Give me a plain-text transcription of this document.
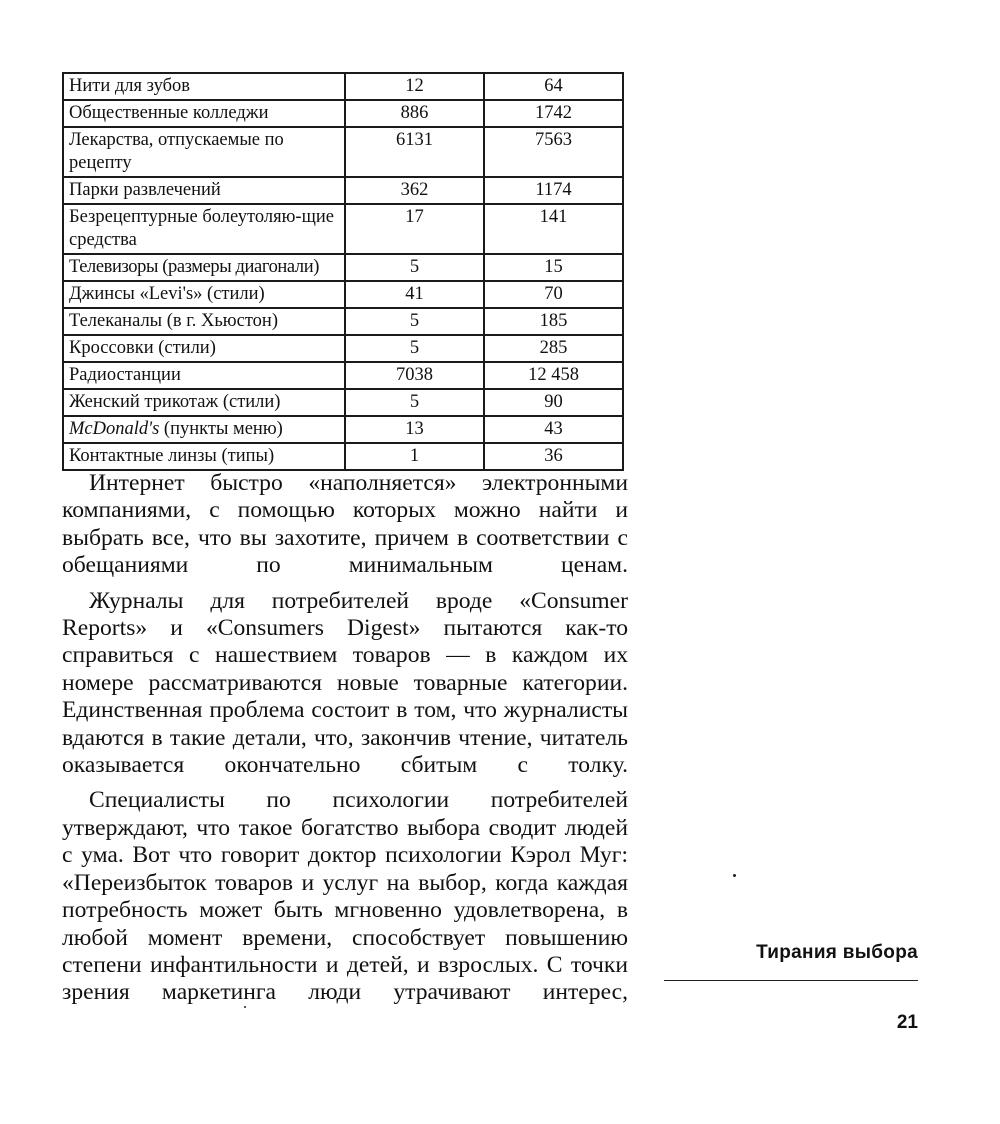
Нити для зубов	12	64
Общественные колледжи	886	1742
Лекарства, отпускаемые по рецепту	6131	7563
Парки развлечений	362	1174
Безрецептурные болеутоляю-щие средства	17	141
Телевизоры (размеры диагонали)	5	15
Джинсы «Levi's» (стили)	41	70
Телеканалы (в г. Хьюстон)	5	185
Кроссовки (стили)	5	285
Радиостанции	7038	12 458
Женский трикотаж (стили)	5	90
McDonald's (пункты меню)	13	43
Контактные линзы (типы)	1	36

Интернет быстро «наполняется» электронными компаниями, с помощью которых можно найти и выбрать все, что вы захотите, причем в соответствии с обещаниями по минимальным ценам.

Журналы для потребителей вроде «Consumer Reports» и «Consumers Digest» пытаются как-то справиться с нашествием товаров — в каждом их номере рассматриваются новые товарные категории. Единственная проблема состоит в том, что журналисты вдаются в такие детали, что, закончив чтение, читатель оказывается окончательно сбитым с толку.

Специалисты по психологии потребителей утверждают, что такое богатство выбора сводит людей с ума. Вот что говорит доктор психологии Кэрол Муг: «Переизбыток товаров и услуг на выбор, когда каждая потребность может быть мгновенно удовлетворена, в любой момент времени, способствует повышению степени инфантильности и детей, и взрослых. С точки зрения маркетинга люди утрачивают интерес,

Тирания выбора
21
